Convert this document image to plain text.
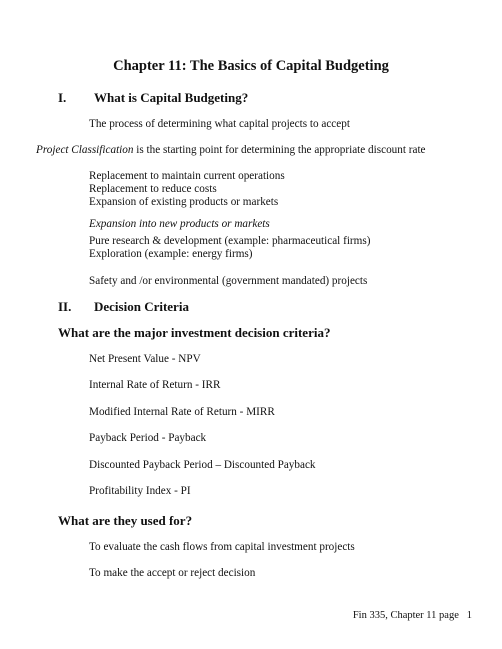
Chapter 11: The Basics of Capital Budgeting
I. What is Capital Budgeting?
The process of determining what capital projects to accept
Project Classification is the starting point for determining the appropriate discount rate
Replacement to maintain current operations
Replacement to reduce costs
Expansion of existing products or markets
Expansion into new products or markets
Pure research & development (example: pharmaceutical firms)
Exploration (example: energy firms)
Safety and /or environmental (government mandated) projects
II. Decision Criteria
What are the major investment decision criteria?
Net Present Value - NPV
Internal Rate of Return - IRR
Modified Internal Rate of Return - MIRR
Payback Period - Payback
Discounted Payback Period – Discounted Payback
Profitability Index - PI
What are they used for?
To evaluate the cash flows from capital investment projects
To make the accept or reject decision
Fin 335, Chapter 11 page 1
